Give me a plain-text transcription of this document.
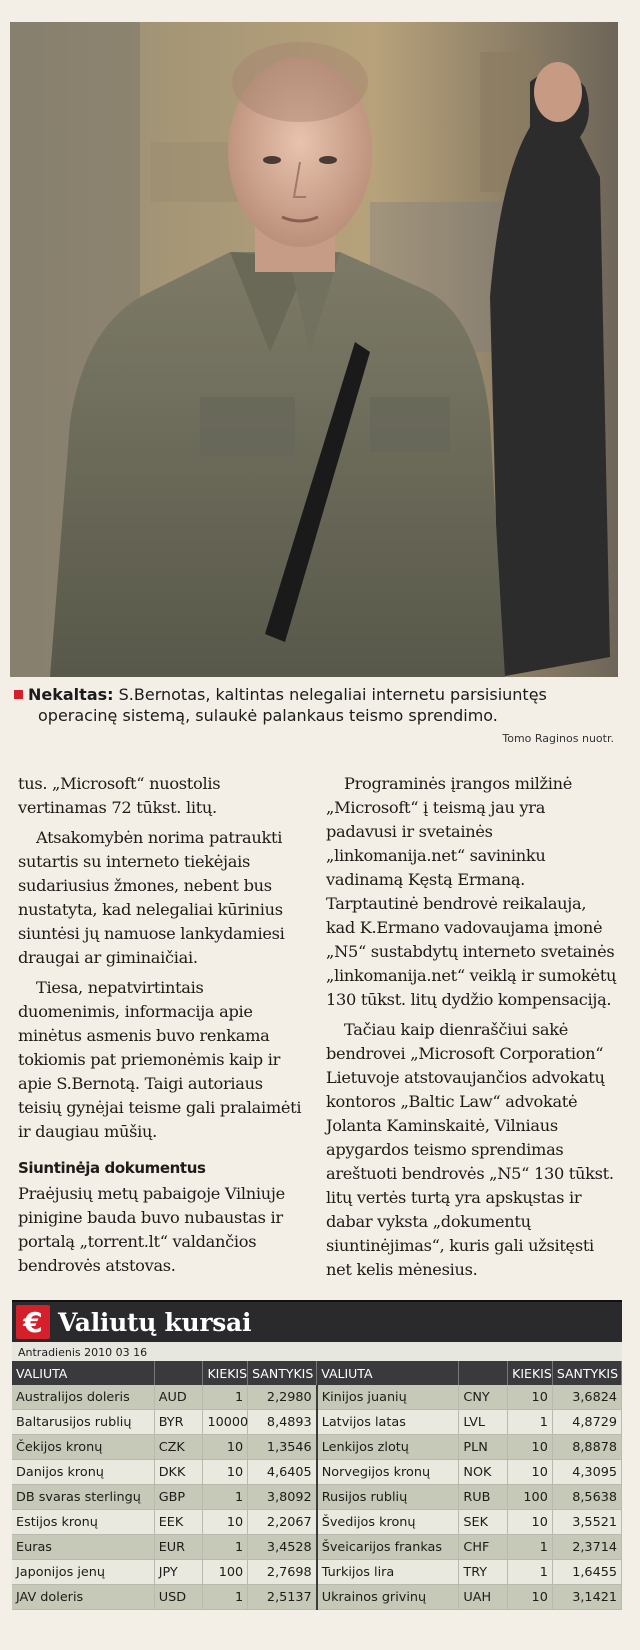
Nekaltas: S.Bernotas, kaltintas nelegaliai internetu parsisiuntęs
operacinę sistemą, sulaukė palankaus teismo sprendimo.
Tomo Raginos nuotr.

tus. „Microsoft“ nuostolis vertinamas 72 tūkst. litų.

Atsakomybėn norima patraukti sutartis su interneto tiekėjais sudariusius žmones, nebent bus nustatyta, kad nelegaliai kūrinius siuntėsi jų namuose lankydamiesi draugai ar giminaičiai.

Tiesa, nepatvirtintais duomenimis, informacija apie minėtus asmenis buvo renkama tokiomis pat priemonėmis kaip ir apie S.Bernotą. Taigi autoriaus teisių gynėjai teisme gali pralaimėti ir daugiau mūšių.

Siuntinėja dokumentus

Praėjusių metų pabaigoje Vilniuje pinigine bauda buvo nubaustas ir portalą „torrent.lt“ valdančios bendrovės atstovas.

Programinės įrangos milžinė „Microsoft“ į teismą jau yra padavusi ir svetainės „linkomanija.net“ savininku vadinamą Kęstą Ermaną. Tarptautinė bendrovė reikalauja, kad K.Ermano vadovaujama įmonė „N5“ sustabdytų interneto svetainės „linkomanija.net“ veiklą ir sumokėtų 130 tūkst. litų dydžio kompensaciją.

Tačiau kaip dienraščiui sakė bendrovei „Microsoft Corporation“ Lietuvoje atstovaujančios advokatų kontoros „Baltic Law“ advokatė Jolanta Kaminskaitė, Vilniaus apygardos teismo sprendimas areštuoti bendrovės „N5“ 130 tūkst. litų vertės turtą yra apskųstas ir dabar vyksta „dokumentų siuntinėjimas“, kuris gali užsitęsti net kelis mėnesius.

€ Valiutų kursai
Antradienis 2010 03 16
VALIUTA		KIEKIS	SANTYKIS	VALIUTA		KIEKIS	SANTYKIS
Australijos doleris	AUD	1	2,2980	Kinijos juanių	CNY	10	3,6824
Baltarusijos rublių	BYR	10000	8,4893	Latvijos latas	LVL	1	4,8729
Čekijos kronų	CZK	10	1,3546	Lenkijos zlotų	PLN	10	8,8878
Danijos kronų	DKK	10	4,6405	Norvegijos kronų	NOK	10	4,3095
DB svaras sterlingų	GBP	1	3,8092	Rusijos rublių	RUB	100	8,5638
Estijos kronų	EEK	10	2,2067	Švedijos kronų	SEK	10	3,5521
Euras	EUR	1	3,4528	Šveicarijos frankas	CHF	1	2,3714
Japonijos jenų	JPY	100	2,7698	Turkijos lira	TRY	1	1,6455
JAV doleris	USD	1	2,5137	Ukrainos grivinų	UAH	10	3,1421
